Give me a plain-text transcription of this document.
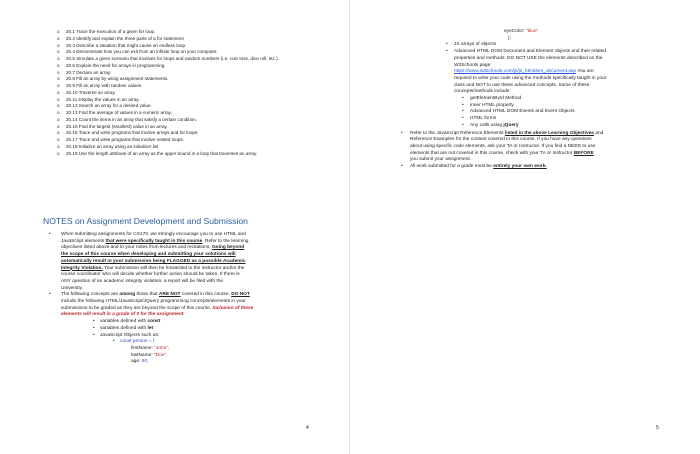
o 20.1 Trace the execution of a given for loop.
o 20.2 Identify and explain the three parts of a for statement
o 20.3 Describe a situation that might cause an endless loop.
o 20.4 Demonstrate how you can exit from an infinite loop on your computer.
o 20.5 Simulate a given scenario that involves for loops and random numbers (i.e. coin toss, dice roll, etc.).
o 20.6 Explain the need for arrays in programming.
o 20.7 Declare an array.
o 20.8 Fill an array by using assignment statements.
o 20.9 Fill an array with random values.
o 20.10 Traverse an array.
o 20.11 Display the values in an array.
o 20.12 Search an array for a desired value.
o 20.13 Find the average of values in a numeric array.
o 20.14 Count the items in an array that satisfy a certain condition.
o 20.15 Find the largest (smallest) value in an array.
o 20.16 Trace and write programs that involve arrays and for loops.
o 20.17 Trace and write programs that involve nested loops.
o 20.18 Initialize an array using an initializer list
o 20.19 Use the length attribute of an array as the upper bound in a loop that traverses an array.
NOTES on Assignment Development and Submission
• When submitting assignments for CS170, we strongly encourage you to use HTML and
JavaScript elements that were specifically taught in this course. Refer to the learning
objectives listed above and to your notes from lectures and recitations. Going beyond
the scope of this course when developing and submitting your solutions will
automatically result in your submission being FLAGGED as a possible Academic
Integrity Violation. Your submission will then be forwarded to the instructor and/or the
course coordinator who will decide whether further action should be taken. If there is
ANY question of an academic integrity violation, a report will be filed with the
University.
• The following concepts are among those that ARE NOT covered in this course. DO NOT
include the following HTML/JavaScript/JQuery programming concepts/elements in your
submissions to be graded as they are beyond the scope of this course. Inclusion of these
elements will result in a grade of 0 for the assignment.
• variables defined with const
• variables defined with let
• JavaScript Objects such as:
• const person = {
firstName: "John",
lastName: "Doe",
age: 50,
4	5
eyeColor: "blue"
};
• JS arrays of objects
• Advanced HTML DOM Document and Element objects and their related
properties and methods: DO NOT USE the elements described on the
W3Schools page:
https://www.w3schools.com/js/js_htmldom_document.asp You are
required to write your code using the methods specifically taught in your
class and NOT to use these advanced concepts. Some of these
concepts/methods include:
• getElementById Method
• inner HTML property
• Advanced HTML DOM Events and Event Objects
• HTML forms
• Any calls using jQuery
• Refer to the JavaScript Reference Elements listed in the above Learning Objectives and
Reference Examples for the content covered in this course. If you have any questions
about using specific code elements, ask your TA or Instructor. If you find a NEED to use
elements that are not covered in this course, check with your TA or Instructor BEFORE
you submit your assignment.
• All work submitted for a grade must be entirely your own work.
